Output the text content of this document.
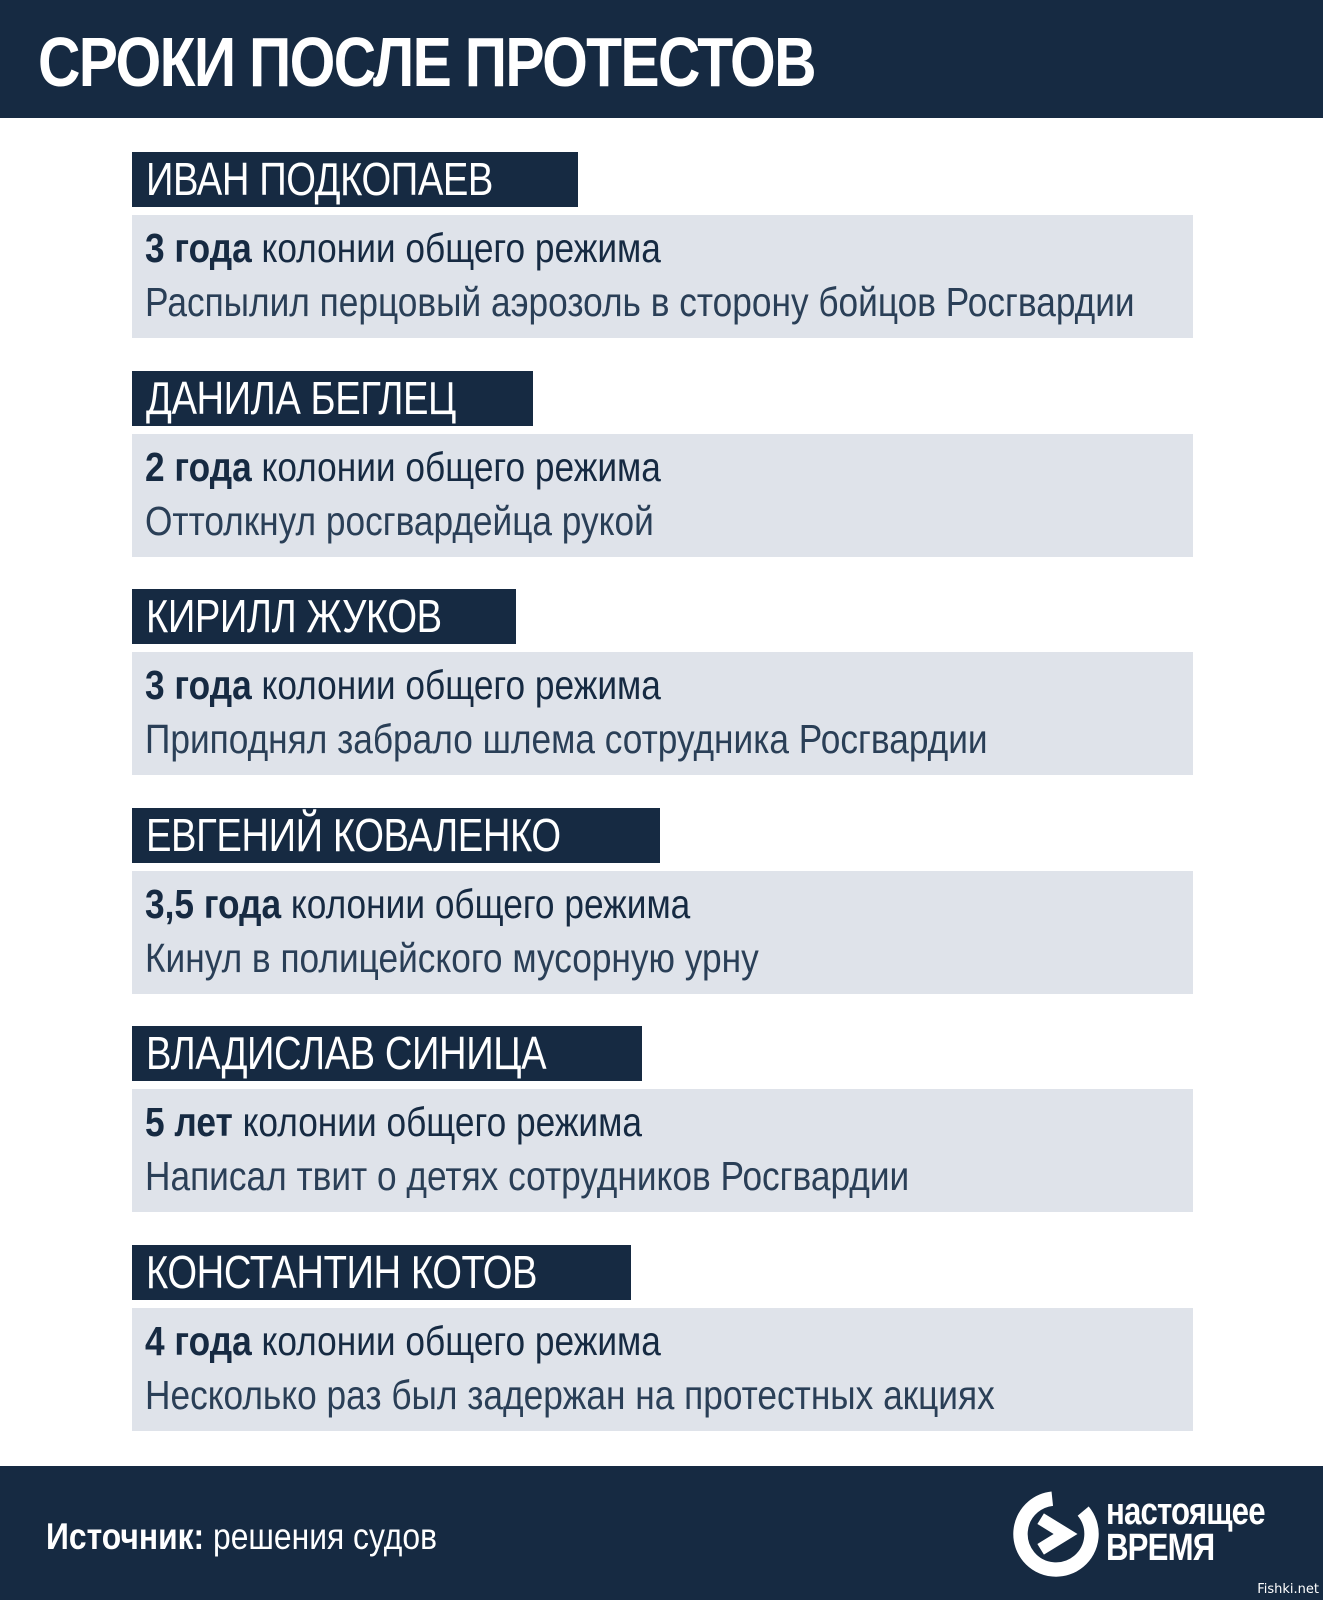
СРОКИ ПОСЛЕ ПРОТЕСТОВ
ИВАН ПОДКОПАЕВ
3 года колонии общего режима
Распылил перцовый аэрозоль в сторону бойцов Росгвардии
ДАНИЛА БЕГЛЕЦ
2 года колонии общего режима
Оттолкнул росгвардейца рукой
КИРИЛЛ ЖУКОВ
3 года колонии общего режима
Приподнял забрало шлема сотрудника Росгвардии
ЕВГЕНИЙ КОВАЛЕНКО
3,5 года колонии общего режима
Кинул в полицейского мусорную урну
ВЛАДИСЛАВ СИНИЦА
5 лет колонии общего режима
Написал твит о детях сотрудников Росгвардии
КОНСТАНТИН КОТОВ
4 года колонии общего режима
Несколько раз был задержан на протестных акциях
Источник: решения судов
настоящее
ВРЕМЯ
Fishki.net
